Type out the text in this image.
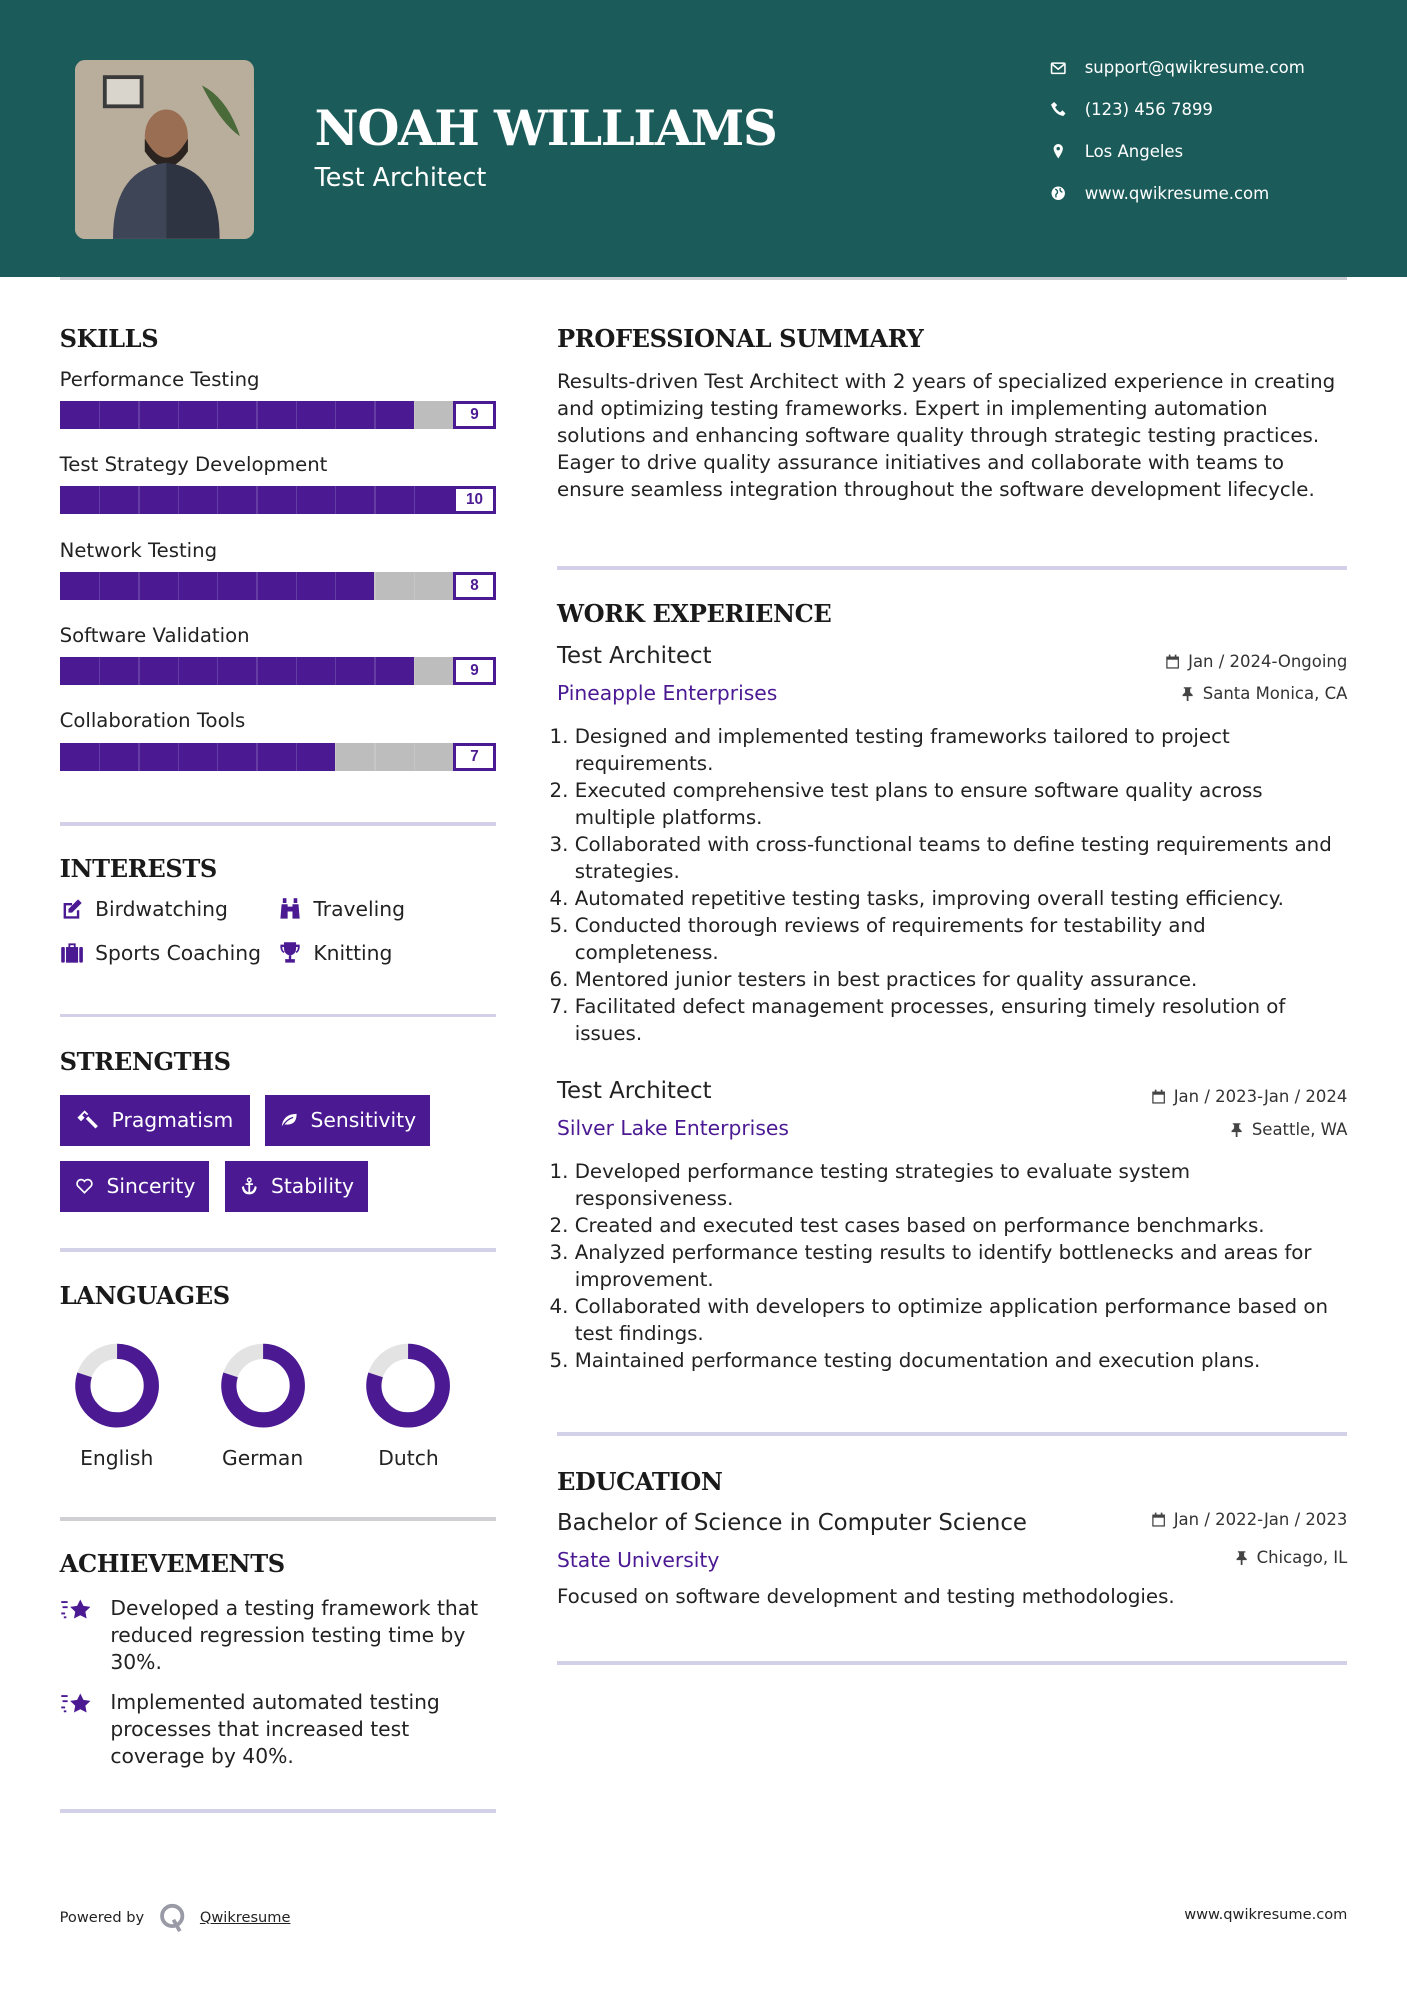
NOAH WILLIAMS
Test Architect
support@qwikresume.com
(123) 456 7899
Los Angeles
www.qwikresume.com
SKILLS
Performance Testing
9
Test Strategy Development
10
Network Testing
8
Software Validation
9
Collaboration Tools
7
INTERESTS
Birdwatching	Traveling
Sports Coaching	Knitting
STRENGTHS
Pragmatism	Sensitivity
Sincerity	Stability
LANGUAGES
English	German	Dutch
ACHIEVEMENTS
Developed a testing framework that reduced regression testing time by 30%.
Implemented automated testing processes that increased test coverage by 40%.
PROFESSIONAL SUMMARY
Results-driven Test Architect with 2 years of specialized experience in creating and optimizing testing frameworks. Expert in implementing automation solutions and enhancing software quality through strategic testing practices. Eager to drive quality assurance initiatives and collaborate with teams to ensure seamless integration throughout the software development lifecycle.
WORK EXPERIENCE
Test Architect	Jan / 2024-Ongoing
Pineapple Enterprises	Santa Monica, CA
1. Designed and implemented testing frameworks tailored to project requirements.
2. Executed comprehensive test plans to ensure software quality across multiple platforms.
3. Collaborated with cross-functional teams to define testing requirements and strategies.
4. Automated repetitive testing tasks, improving overall testing efficiency.
5. Conducted thorough reviews of requirements for testability and completeness.
6. Mentored junior testers in best practices for quality assurance.
7. Facilitated defect management processes, ensuring timely resolution of issues.
Test Architect	Jan / 2023-Jan / 2024
Silver Lake Enterprises	Seattle, WA
1. Developed performance testing strategies to evaluate system responsiveness.
2. Created and executed test cases based on performance benchmarks.
3. Analyzed performance testing results to identify bottlenecks and areas for improvement.
4. Collaborated with developers to optimize application performance based on test findings.
5. Maintained performance testing documentation and execution plans.
EDUCATION
Bachelor of Science in Computer Science	Jan / 2022-Jan / 2023
State University	Chicago, IL
Focused on software development and testing methodologies.
Powered by	Qwikresume	www.qwikresume.com
